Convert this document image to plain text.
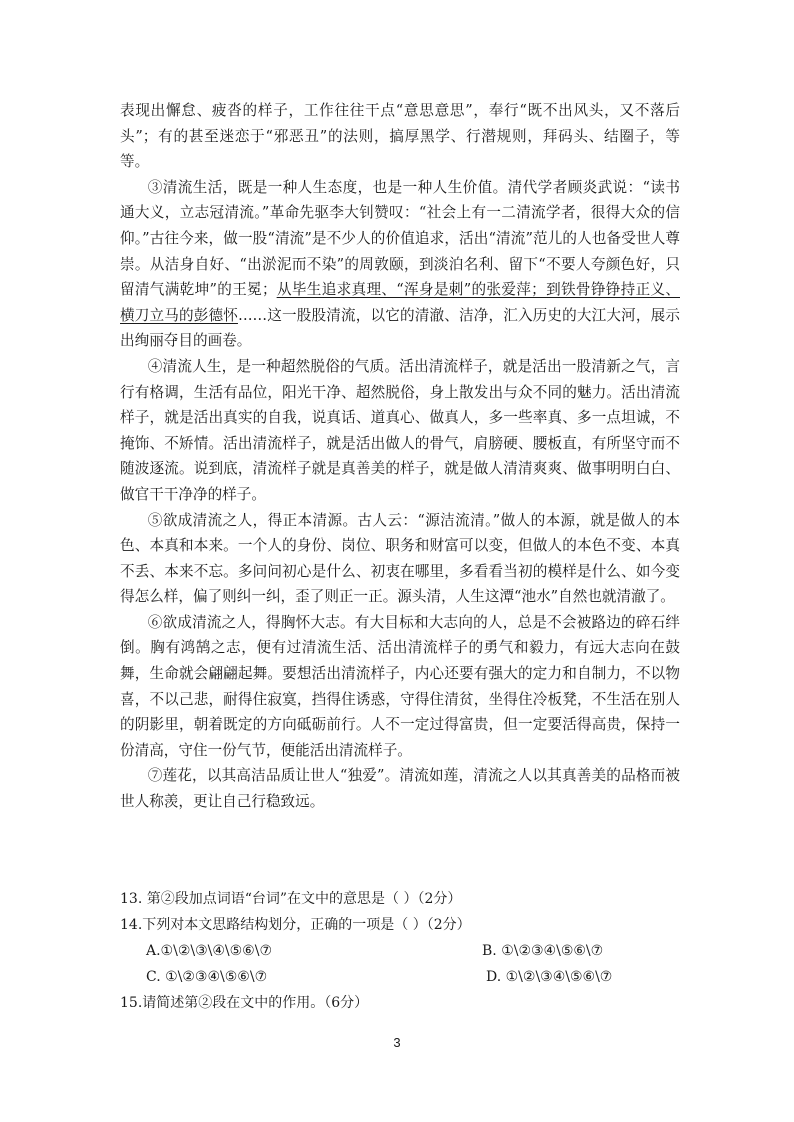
表现出懈怠、疲沓的样子，工作往往干点“意思意思”，奉行“既不出风头，又不落后头”；有的甚至迷恋于“邪恶丑”的法则，搞厚黑学、行潜规则，拜码头、结圈子，等等。

③清流生活，既是一种人生态度，也是一种人生价值。清代学者顾炎武说：“读书通大义，立志冠清流。”革命先驱李大钊赞叹：“社会上有一二清流学者，很得大众的信仰。”古往今来，做一股“清流”是不少人的价值追求，活出“清流”范儿的人也备受世人尊崇。从洁身自好、“出淤泥而不染”的周敦颐，到淡泊名利、留下“不要人夸颜色好，只留清气满乾坤”的王冕；从毕生追求真理、“浑身是刺”的张爱萍；到铁骨铮铮持正义、横刀立马的彭德怀……这一股股清流，以它的清澈、洁净，汇入历史的大江大河，展示出绚丽夺目的画卷。

④清流人生，是一种超然脱俗的气质。活出清流样子，就是活出一股清新之气，言行有格调，生活有品位，阳光干净、超然脱俗，身上散发出与众不同的魅力。活出清流样子，就是活出真实的自我，说真话、道真心、做真人，多一些率真、多一点坦诚，不掩饰、不矫情。活出清流样子，就是活出做人的骨气，肩膀硬、腰板直，有所坚守而不随波逐流。说到底，清流样子就是真善美的样子，就是做人清清爽爽、做事明明白白、做官干干净净的样子。

⑤欲成清流之人，得正本清源。古人云：“源洁流清。”做人的本源，就是做人的本色、本真和本来。一个人的身份、岗位、职务和财富可以变，但做人的本色不变、本真不丢、本来不忘。多问问初心是什么、初衷在哪里，多看看当初的模样是什么、如今变得怎么样，偏了则纠一纠，歪了则正一正。源头清，人生这潭“池水”自然也就清澈了。

⑥欲成清流之人，得胸怀大志。有大目标和大志向的人，总是不会被路边的碎石绊倒。胸有鸿鹄之志，便有过清流生活、活出清流样子的勇气和毅力，有远大志向在鼓舞，生命就会翩翩起舞。要想活出清流样子，内心还要有强大的定力和自制力，不以物喜，不以己悲，耐得住寂寞，挡得住诱惑，守得住清贫，坐得住冷板凳，不生活在别人的阴影里，朝着既定的方向砥砺前行。人不一定过得富贵，但一定要活得高贵，保持一份清高，守住一份气节，便能活出清流样子。

⑦莲花，以其高洁品质让世人“独爱”。清流如莲，清流之人以其真善美的品格而被世人称羡，更让自己行稳致远。

13. 第②段加点词语“台词”在文中的意思是（ ）（2分）
14.下列对本文思路结构划分，正确的一项是（ ）（2分）
A.①\②\③\④\⑤⑥\⑦	B. ①\②③④\⑤⑥\⑦
C. ①\②③④\⑤⑥\⑦	D. ①\②\③④\⑤⑥\⑦
15.请简述第②段在文中的作用。（6分）
3
